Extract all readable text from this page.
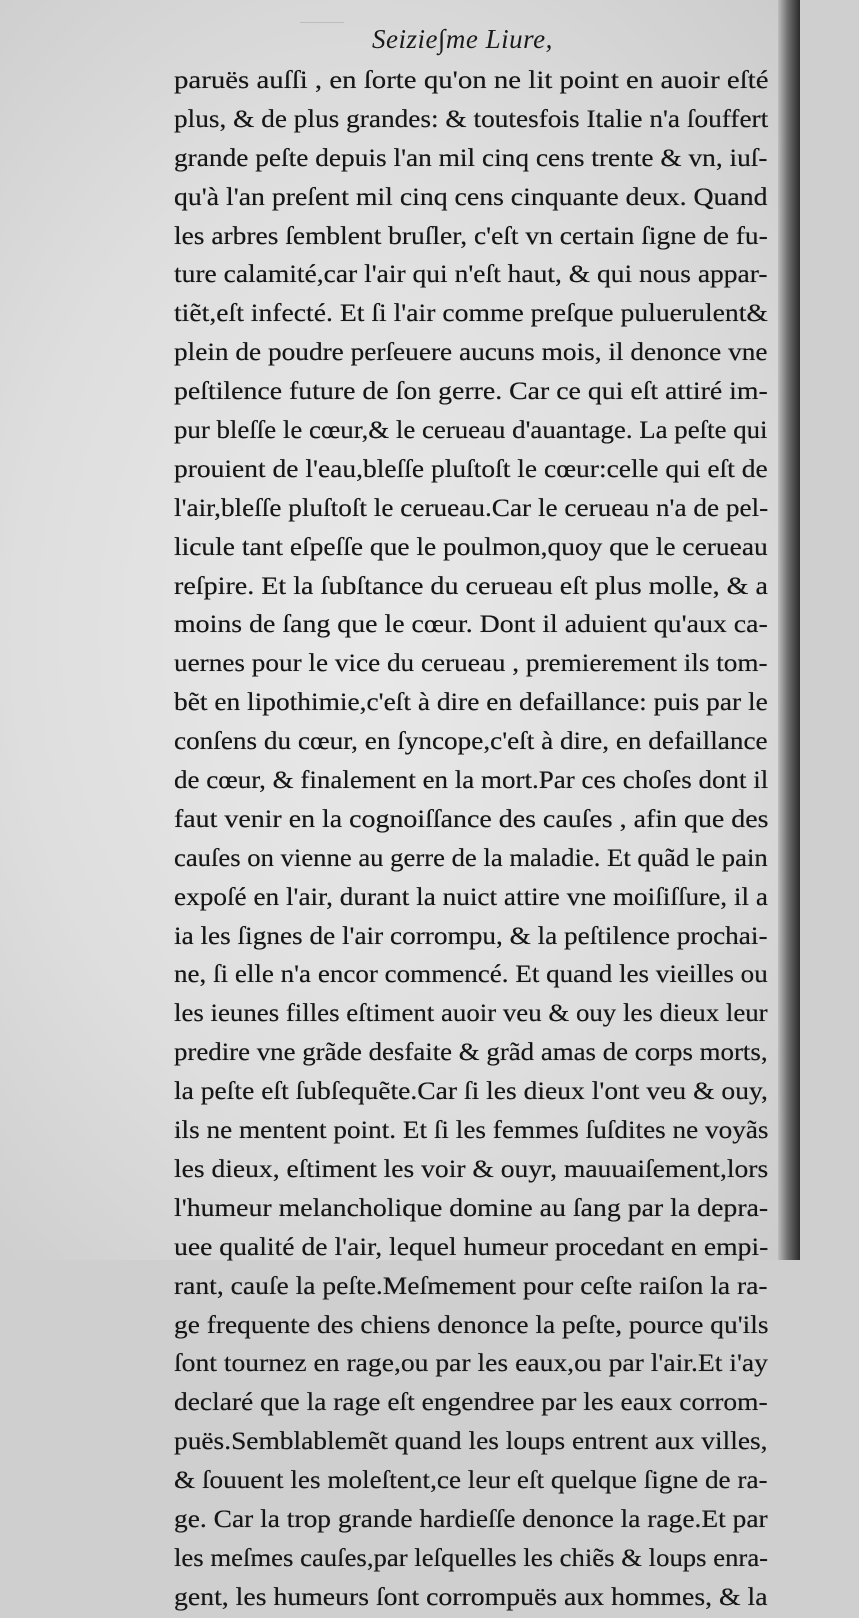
Seizie∫me Liure,
paruës auſſi , en ſorte qu'on ne lit point en auoir eſté
plus, & de plus grandes: & toutesfois Italie n'a ſouffert
grande peſte depuis l'an mil cinq cens trente & vn, iuſ-
qu'à l'an preſent mil cinq cens cinquante deux. Quand
les arbres ſemblent bruſler, c'eſt vn certain ſigne de fu-
ture calamité,car l'air qui n'eſt haut, & qui nous appar-
tiẽt,eſt infecté. Et ſi l'air comme preſque puluerulent&
plein de poudre perſeuere aucuns mois, il denonce vne
peſtilence future de ſon gerre. Car ce qui eſt attiré im-
pur bleſſe le cœur,& le cerueau d'auantage. La peſte qui
prouient de l'eau,bleſſe pluſtoſt le cœur:celle qui eſt de
l'air,bleſſe pluſtoſt le cerueau.Car le cerueau n'a de pel-
licule tant eſpeſſe que le poulmon,quoy que le cerueau
reſpire. Et la ſubſtance du cerueau eſt plus molle, & a
moins de ſang que le cœur. Dont il aduient qu'aux ca-
uernes pour le vice du cerueau , premierement ils tom-
bẽt en lipothimie,c'eſt à dire en defaillance: puis par le
conſens du cœur, en ſyncope,c'eſt à dire, en defaillance
de cœur, & finalement en la mort.Par ces choſes dont il
faut venir en la cognoiſſance des cauſes , afin que des
cauſes on vienne au gerre de la maladie. Et quãd le pain
expoſé en l'air, durant la nuict attire vne moiſiſſure, il a
ia les ſignes de l'air corrompu, & la peſtilence prochai-
ne, ſi elle n'a encor commencé. Et quand les vieilles ou
les ieunes filles eſtiment auoir veu & ouy les dieux leur
predire vne grãde desfaite & grãd amas de corps morts,
la peſte eſt ſubſequẽte.Car ſi les dieux l'ont veu & ouy,
ils ne mentent point. Et ſi les femmes ſuſdites ne voyãs
les dieux, eſtiment les voir & ouyr, mauuaiſement,lors
l'humeur melancholique domine au ſang par la depra-
uee qualité de l'air, lequel humeur procedant en empi-
rant, cauſe la peſte.Meſmement pour ceſte raiſon la ra-
ge frequente des chiens denonce la peſte, pource qu'ils
ſont tournez en rage,ou par les eaux,ou par l'air.Et i'ay
declaré que la rage eſt engendree par les eaux corrom-
puës.Semblablemẽt quand les loups entrent aux villes,
& ſouuent les moleſtent,ce leur eſt quelque ſigne de ra-
ge. Car la trop grande hardieſſe denonce la rage.Et par
les meſmes cauſes,par leſquelles les chiẽs & loups enra-
gent, les humeurs ſont corrompuës aux hommes, & la
